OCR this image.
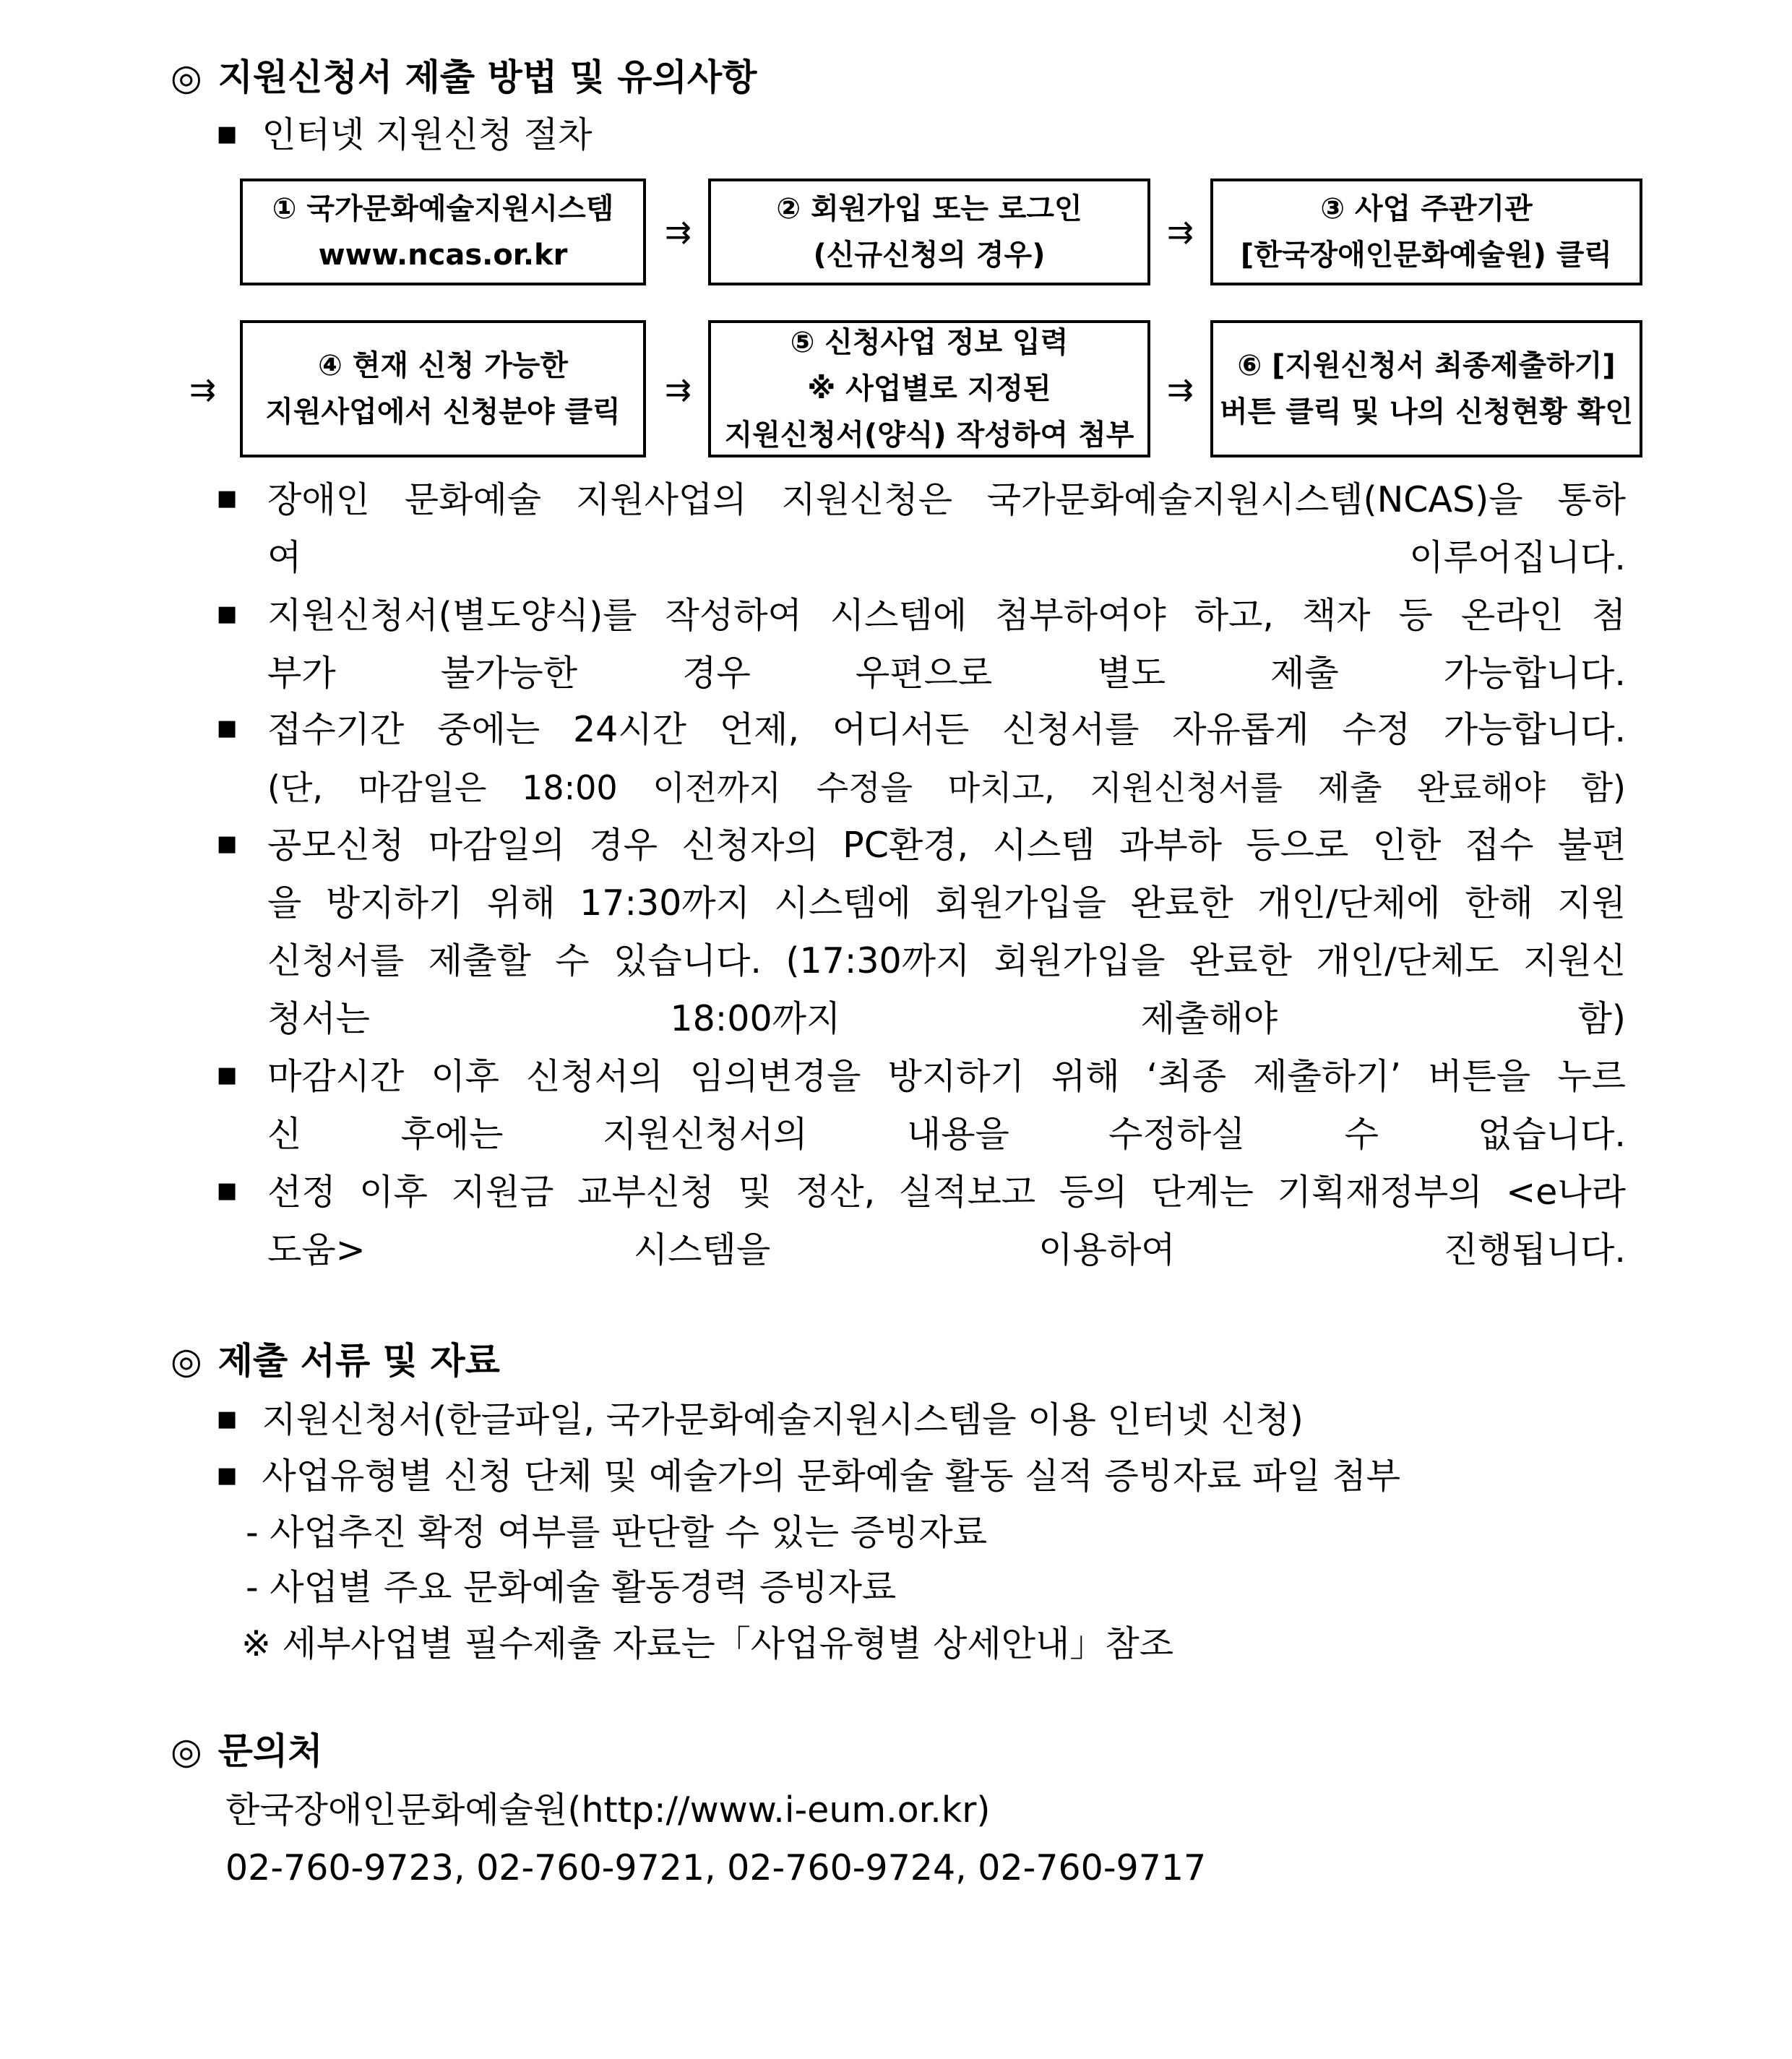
◎ 지원신청서 제출 방법 및 유의사항
■ 인터넷 지원신청 절차
① 국가문화예술지원시스템
www.ncas.or.kr
⇉
② 회원가입 또는 로그인
(신규신청의 경우)
⇉
③ 사업 주관기관
[한국장애인문화예술원) 클릭
⇉
④ 현재 신청 가능한
지원사업에서 신청분야 클릭
⇉
⑤ 신청사업 정보 입력
※ 사업별로 지정된
지원신청서(양식) 작성하여 첨부
⇉
⑥ [지원신청서 최종제출하기]
버튼 클릭 및 나의 신청현황 확인
■ 장애인 문화예술 지원사업의 지원신청은 국가문화예술지원시스템(NCAS)을 통하
여 이루어집니다.
■ 지원신청서(별도양식)를 작성하여 시스템에 첨부하여야 하고, 책자 등 온라인 첨
부가 불가능한 경우 우편으로 별도 제출 가능합니다.
■ 접수기간 중에는 24시간 언제, 어디서든 신청서를 자유롭게 수정 가능합니다.
(단, 마감일은 18:00 이전까지 수정을 마치고, 지원신청서를 제출 완료해야 함)
■ 공모신청 마감일의 경우 신청자의 PC환경, 시스템 과부하 등으로 인한 접수 불편
을 방지하기 위해 17:30까지 시스템에 회원가입을 완료한 개인/단체에 한해 지원
신청서를 제출할 수 있습니다. (17:30까지 회원가입을 완료한 개인/단체도 지원신
청서는 18:00까지 제출해야 함)
■ 마감시간 이후 신청서의 임의변경을 방지하기 위해 ‘최종 제출하기’ 버튼을 누르
신 후에는 지원신청서의 내용을 수정하실 수 없습니다.
■ 선정 이후 지원금 교부신청 및 정산, 실적보고 등의 단계는 기획재정부의 <e나라
도움> 시스템을 이용하여 진행됩니다.
◎ 제출 서류 및 자료
■ 지원신청서(한글파일, 국가문화예술지원시스템을 이용 인터넷 신청)
■ 사업유형별 신청 단체 및 예술가의 문화예술 활동 실적 증빙자료 파일 첨부
- 사업추진 확정 여부를 판단할 수 있는 증빙자료
- 사업별 주요 문화예술 활동경력 증빙자료
※ 세부사업별 필수제출 자료는「사업유형별 상세안내」참조
◎ 문의처
한국장애인문화예술원(http://www.i-eum.or.kr)
02-760-9723, 02-760-9721, 02-760-9724, 02-760-9717
